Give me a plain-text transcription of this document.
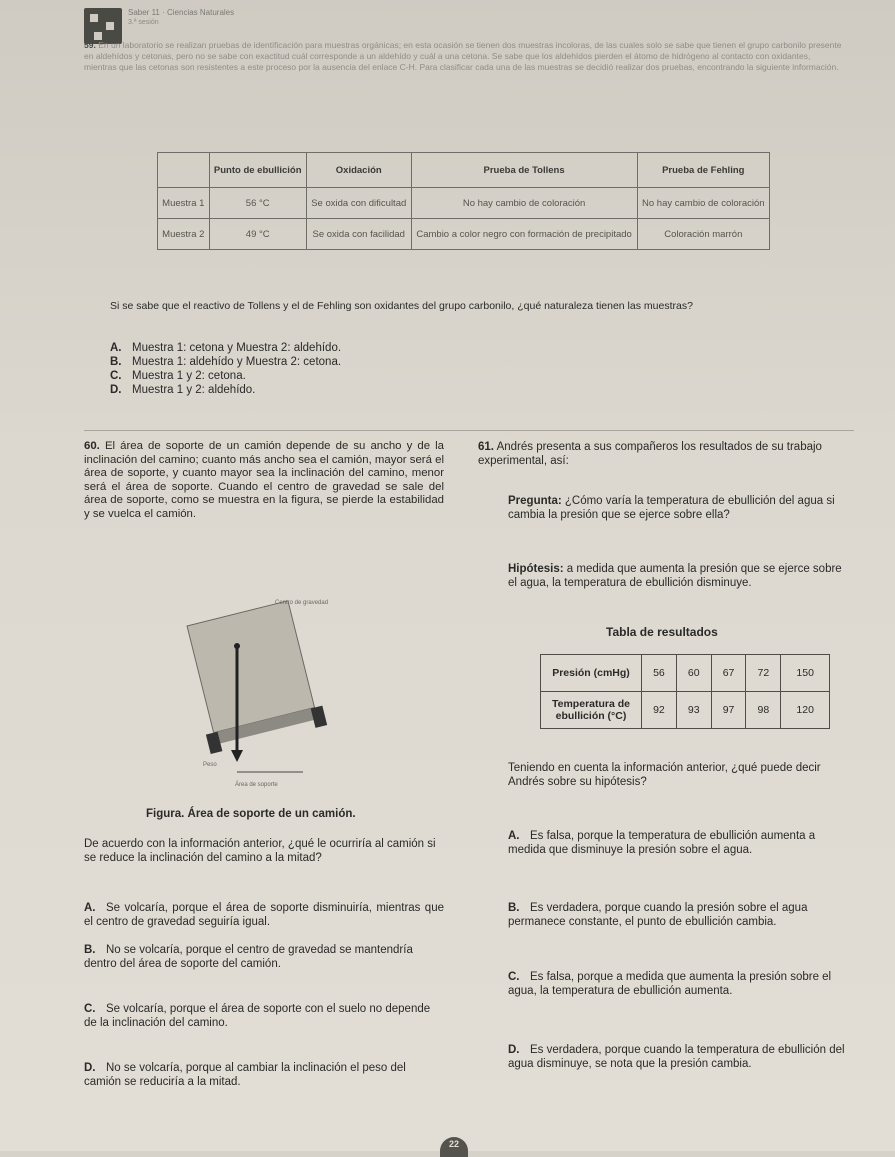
Saber 11 · Ciencias Naturales
3.ª sesión
59. En un laboratorio se realizan pruebas de identificación para muestras orgánicas; en esta ocasión se tienen dos muestras incoloras, de las cuales solo se sabe que tienen el grupo carbonilo presente en aldehídos y cetonas, pero no se sabe con exactitud cuál corresponde a un aldehído y cuál a una cetona. Se sabe que los aldehídos pierden el átomo de hidrógeno al contacto con oxidantes, mientras que las cetonas son resistentes a este proceso por la ausencia del enlace C-H. Para clasificar cada una de las muestras se decidió realizar dos pruebas, encontrando la siguiente información.
	Punto de ebullición	Oxidación	Prueba de Tollens	Prueba de Fehling
Muestra 1	56 °C	Se oxida con dificultad	No hay cambio de coloración	No hay cambio de coloración
Muestra 2	49 °C	Se oxida con facilidad	Cambio a color negro con formación de precipitado	Coloración marrón
Si se sabe que el reactivo de Tollens y el de Fehling son oxidantes del grupo carbonilo, ¿qué naturaleza tienen las muestras?
A. Muestra 1: cetona y Muestra 2: aldehído.
B. Muestra 1: aldehído y Muestra 2: cetona.
C. Muestra 1 y 2: cetona.
D. Muestra 1 y 2: aldehído.
60. El área de soporte de un camión depende de su ancho y de la inclinación del camino; cuanto más ancho sea el camión, mayor será el área de soporte, y cuanto mayor sea la inclinación del camino, menor será el área de soporte. Cuando el centro de gravedad se sale del área de soporte, como se muestra en la figura, se pierde la estabilidad y se vuelca el camión.
Centro de gravedad
Peso
Área de soporte
Figura. Área de soporte de un camión.
De acuerdo con la información anterior, ¿qué le ocurriría al camión si se reduce la inclinación del camino a la mitad?
A. Se volcaría, porque el área de soporte disminuiría, mientras que el centro de gravedad seguiría igual.
B. No se volcaría, porque el centro de gravedad se mantendría dentro del área de soporte del camión.
C. Se volcaría, porque el área de soporte con el suelo no depende de la inclinación del camino.
D. No se volcaría, porque al cambiar la inclinación el peso del camión se reduciría a la mitad.
61. Andrés presenta a sus compañeros los resultados de su trabajo experimental, así:
Pregunta: ¿Cómo varía la temperatura de ebullición del agua si cambia la presión que se ejerce sobre ella?
Hipótesis: a medida que aumenta la presión que se ejerce sobre el agua, la temperatura de ebullición disminuye.
Tabla de resultados
Presión (cmHg)	56	60	67	72	150
Temperatura de ebullición (°C)	92	93	97	98	120
Teniendo en cuenta la información anterior, ¿qué puede decir Andrés sobre su hipótesis?
A. Es falsa, porque la temperatura de ebullición aumenta a medida que disminuye la presión sobre el agua.
B. Es verdadera, porque cuando la presión sobre el agua permanece constante, el punto de ebullición cambia.
C. Es falsa, porque a medida que aumenta la presión sobre el agua, la temperatura de ebullición aumenta.
D. Es verdadera, porque cuando la temperatura de ebullición del agua disminuye, se nota que la presión cambia.
22
